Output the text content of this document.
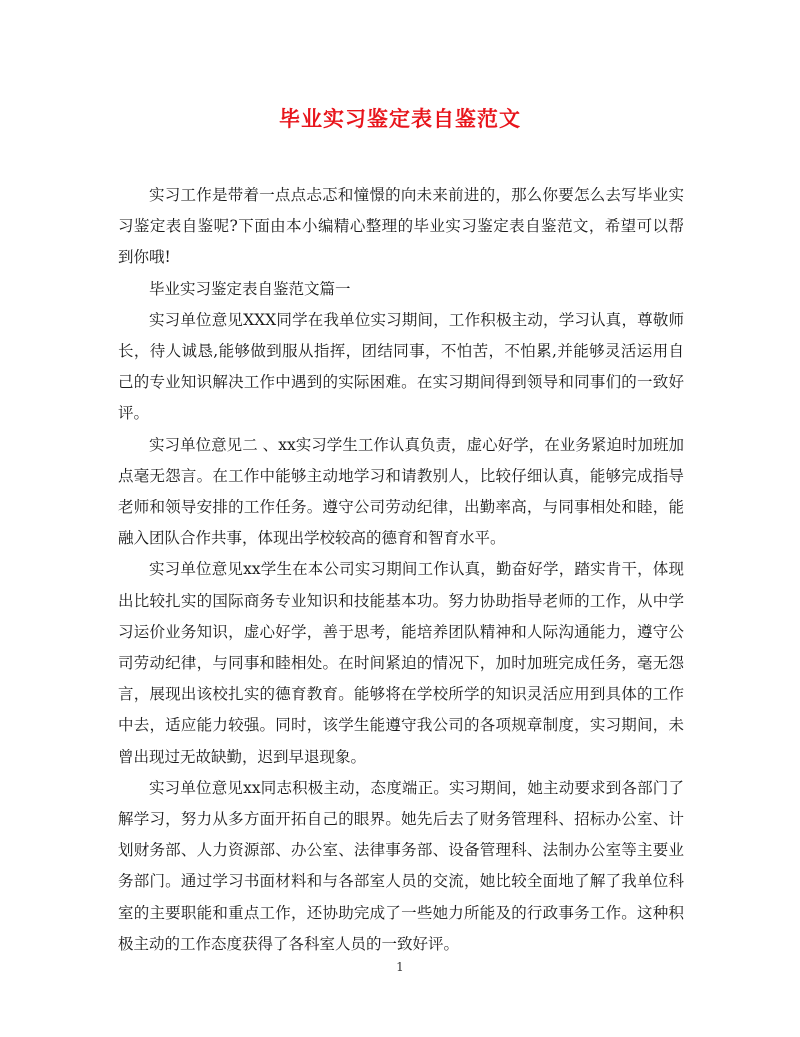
毕业实习鉴定表自鉴范文

实习工作是带着一点点忐忑和憧憬的向未来前进的，那么你要怎么去写毕业实习鉴定表自鉴呢?下面由本小编精心整理的毕业实习鉴定表自鉴范文，希望可以帮到你哦!

毕业实习鉴定表自鉴范文篇一

实习单位意见XXX同学在我单位实习期间，工作积极主动，学习认真，尊敬师长，待人诚恳,能够做到服从指挥，团结同事，不怕苦，不怕累,并能够灵活运用自己的专业知识解决工作中遇到的实际困难。在实习期间得到领导和同事们的一致好评。

实习单位意见二 、xx实习学生工作认真负责，虚心好学，在业务紧迫时加班加点毫无怨言。在工作中能够主动地学习和请教别人，比较仔细认真，能够完成指导老师和领导安排的工作任务。遵守公司劳动纪律，出勤率高，与同事相处和睦，能融入团队合作共事，体现出学校较高的德育和智育水平。

实习单位意见xx学生在本公司实习期间工作认真，勤奋好学，踏实肯干，体现出比较扎实的国际商务专业知识和技能基本功。努力协助指导老师的工作，从中学习运价业务知识，虚心好学，善于思考，能培养团队精神和人际沟通能力，遵守公司劳动纪律，与同事和睦相处。在时间紧迫的情况下，加时加班完成任务，毫无怨言，展现出该校扎实的德育教育。能够将在学校所学的知识灵活应用到具体的工作中去，适应能力较强。同时，该学生能遵守我公司的各项规章制度，实习期间，未曾出现过无故缺勤，迟到早退现象。

实习单位意见xx同志积极主动，态度端正。实习期间，她主动要求到各部门了解学习，努力从多方面开拓自己的眼界。她先后去了财务管理科、招标办公室、计划财务部、人力资源部、办公室、法律事务部、设备管理科、法制办公室等主要业务部门。通过学习书面材料和与各部室人员的交流，她比较全面地了解了我单位科室的主要职能和重点工作，还协助完成了一些她力所能及的行政事务工作。这种积极主动的工作态度获得了各科室人员的一致好评。

1
